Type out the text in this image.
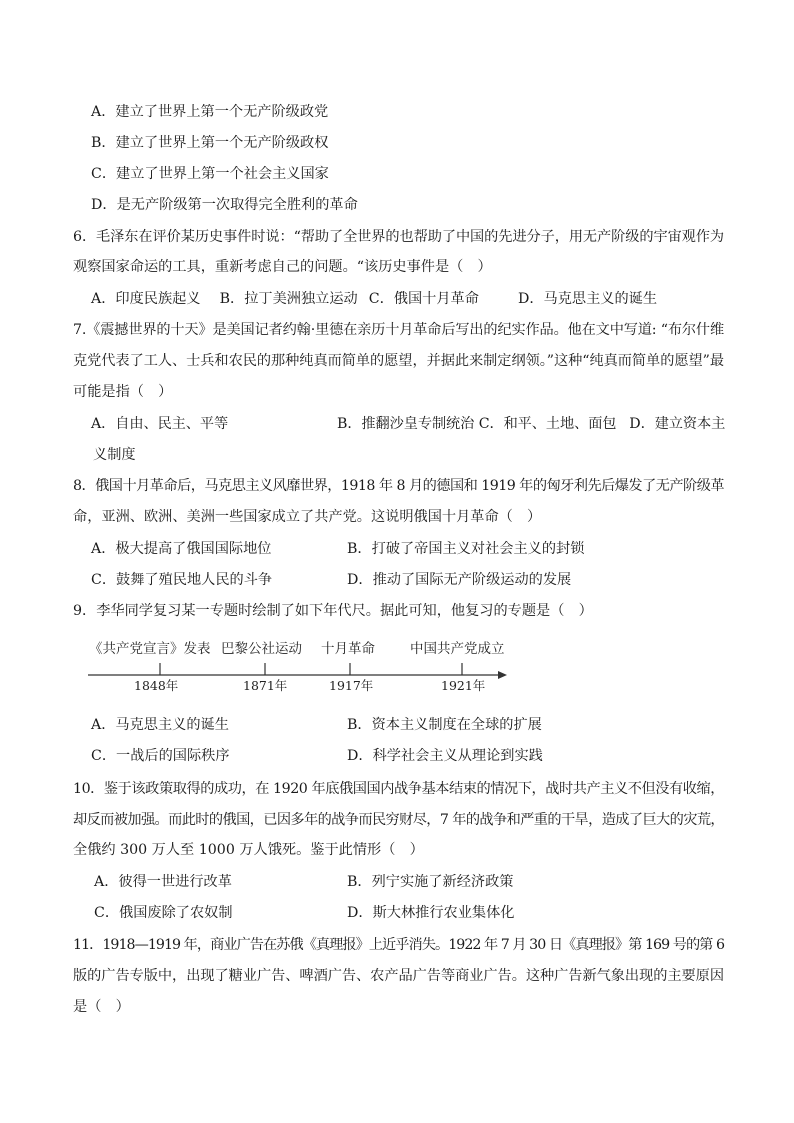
A．建立了世界上第一个无产阶级政党
B．建立了世界上第一个无产阶级政权
C．建立了世界上第一个社会主义国家
D．是无产阶级第一次取得完全胜利的革命
6．毛泽东在评价某历史事件时说：“帮助了全世界的也帮助了中国的先进分子，用无产阶级的宇宙观作为
观察国家命运的工具，重新考虑自己的问题。“该历史事件是（　）
A．印度民族起义 B．拉丁美洲独立运动 C．俄国十月革命	D．马克思主义的诞生
7.《震撼世界的十天》是美国记者约翰·里德在亲历十月革命后写出的纪实作品。他在文中写道: “布尔什维
克党代表了工人、士兵和农民的那种纯真而简单的愿望，并据此来制定纲领。”这种“纯真而简单的愿望”最
可能是指（　）
A．自由、民主、平等	B．推翻沙皇专制统治 C．和平、土地、面包 D．建立资本主
义制度
8．俄国十月革命后，马克思主义风靡世界，1918 年 8 月的德国和 1919 年的匈牙利先后爆发了无产阶级革
命，亚洲、欧洲、美洲一些国家成立了共产党。这说明俄国十月革命（　）
A．极大提高了俄国国际地位	B．打破了帝国主义对社会主义的封锁
C．鼓舞了殖民地人民的斗争	D．推动了国际无产阶级运动的发展
9．李华同学复习某一专题时绘制了如下年代尺。据此可知，他复习的专题是（　）
《共产党宣言》发表 巴黎公社运动 十月革命	中国共产党成立
1848年	1871年	1917年	1921年
A．马克思主义的诞生	B．资本主义制度在全球的扩展
C．一战后的国际秩序	D．科学社会主义从理论到实践
10．鉴于该政策取得的成功，在 1920 年底俄国国内战争基本结束的情况下，战时共产主义不但没有收缩，
却反而被加强。而此时的俄国，已因多年的战争而民穷财尽，7 年的战争和严重的干旱，造成了巨大的灾荒，
全俄约 300 万人至 1000 万人饿死。鉴于此情形（　）
A．彼得一世进行改革	B．列宁实施了新经济政策
C．俄国废除了农奴制	D．斯大林推行农业集体化
11．1918—1919 年，商业广告在苏俄《真理报》上近乎消失。1922 年 7 月 30 日《真理报》第 169 号的第 6
版的广告专版中，出现了糖业广告、啤酒广告、农产品广告等商业广告。这种广告新气象出现的主要原因
是（　）
